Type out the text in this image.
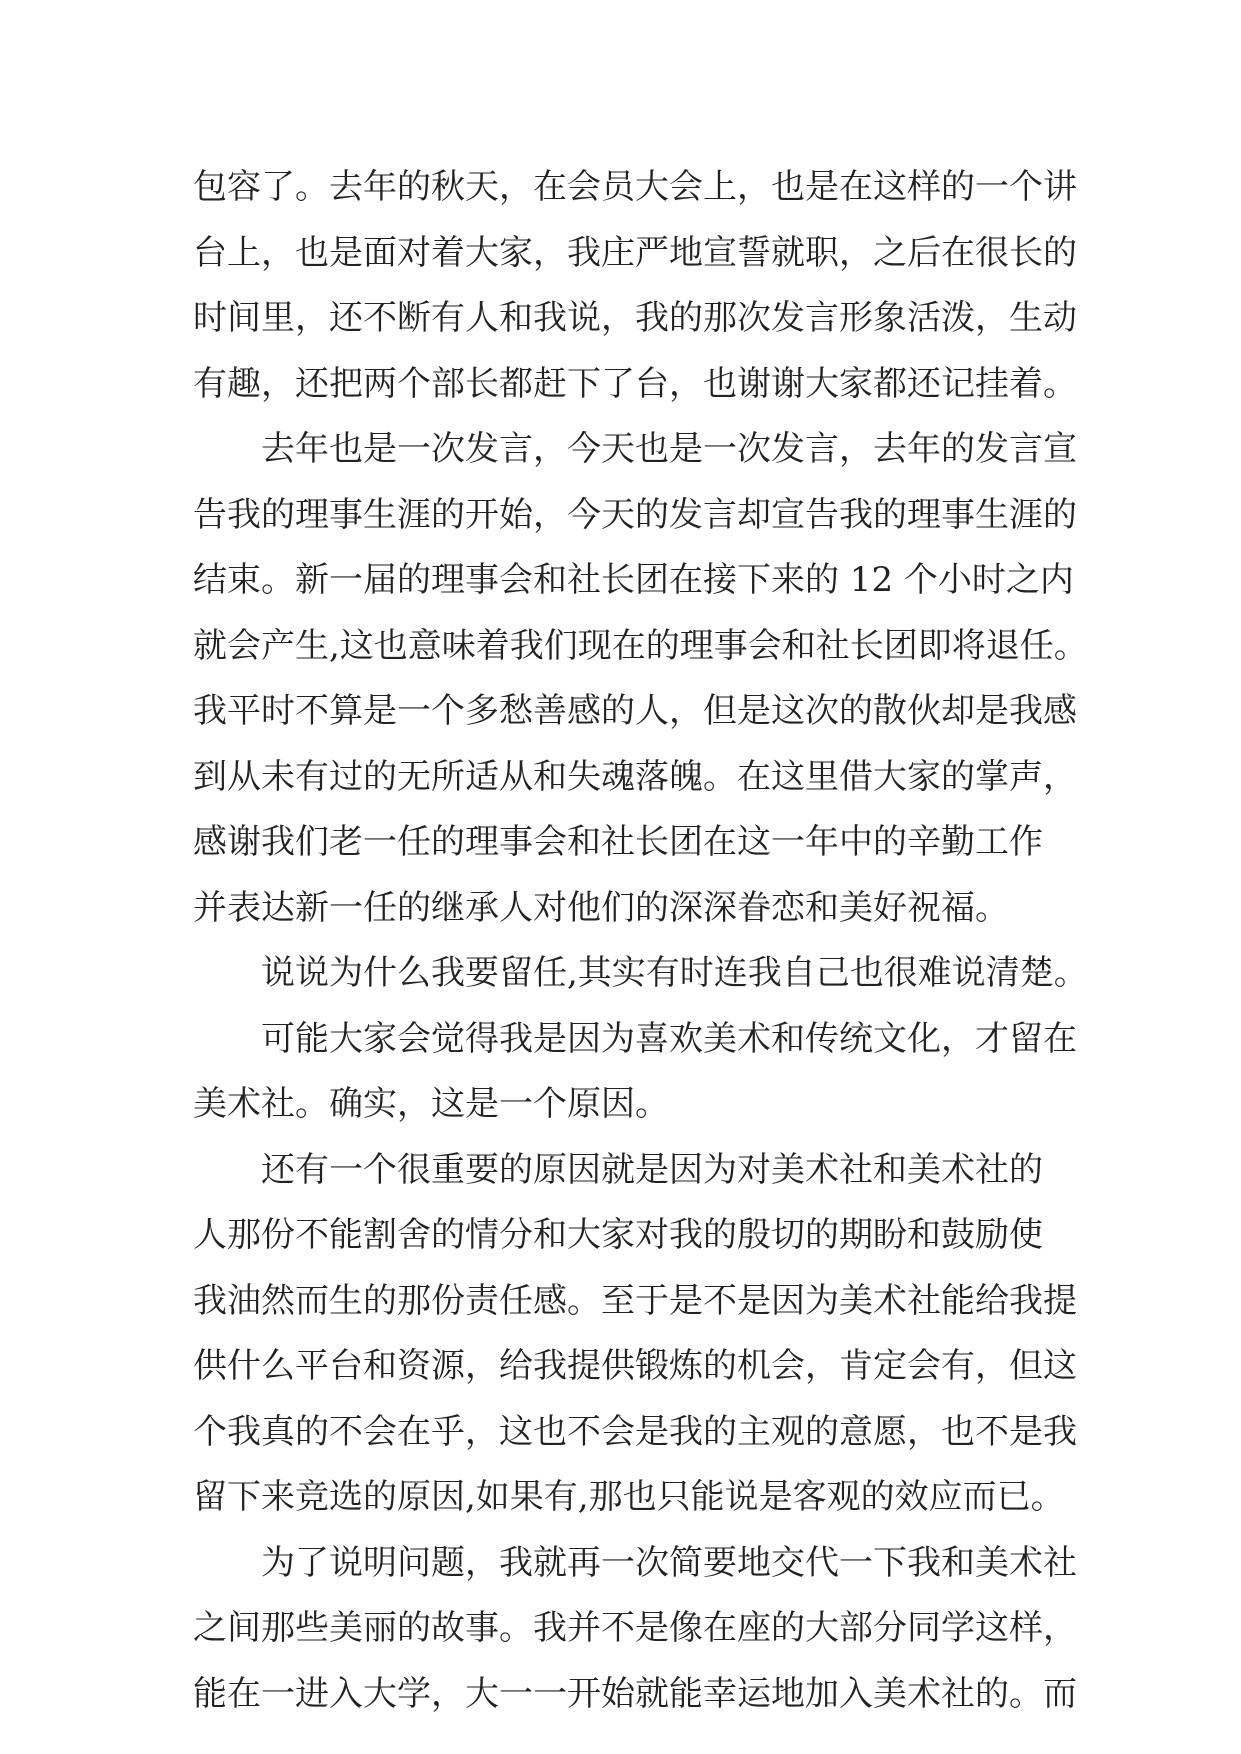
包容了。去年的秋天，在会员大会上，也是在这样的一个讲
台上，也是面对着大家，我庄严地宣誓就职，之后在很长的
时间里，还不断有人和我说，我的那次发言形象活泼，生动
有趣，还把两个部长都赶下了台，也谢谢大家都还记挂着。
去年也是一次发言，今天也是一次发言，去年的发言宣
告我的理事生涯的开始，今天的发言却宣告我的理事生涯的
结束。新一届的理事会和社长团在接下来的 12 个小时之内
就会产生,这也意味着我们现在的理事会和社长团即将退任。
我平时不算是一个多愁善感的人，但是这次的散伙却是我感
到从未有过的无所适从和失魂落魄。在这里借大家的掌声，
感谢我们老一任的理事会和社长团在这一年中的辛勤工作
并表达新一任的继承人对他们的深深眷恋和美好祝福。
说说为什么我要留任,其实有时连我自己也很难说清楚。
可能大家会觉得我是因为喜欢美术和传统文化，才留在
美术社。确实，这是一个原因。
还有一个很重要的原因就是因为对美术社和美术社的
人那份不能割舍的情分和大家对我的殷切的期盼和鼓励使
我油然而生的那份责任感。至于是不是因为美术社能给我提
供什么平台和资源，给我提供锻炼的机会，肯定会有，但这
个我真的不会在乎，这也不会是我的主观的意愿，也不是我
留下来竞选的原因,如果有,那也只能说是客观的效应而已。
为了说明问题，我就再一次简要地交代一下我和美术社
之间那些美丽的故事。我并不是像在座的大部分同学这样，
能在一进入大学，大一一开始就能幸运地加入美术社的。而
